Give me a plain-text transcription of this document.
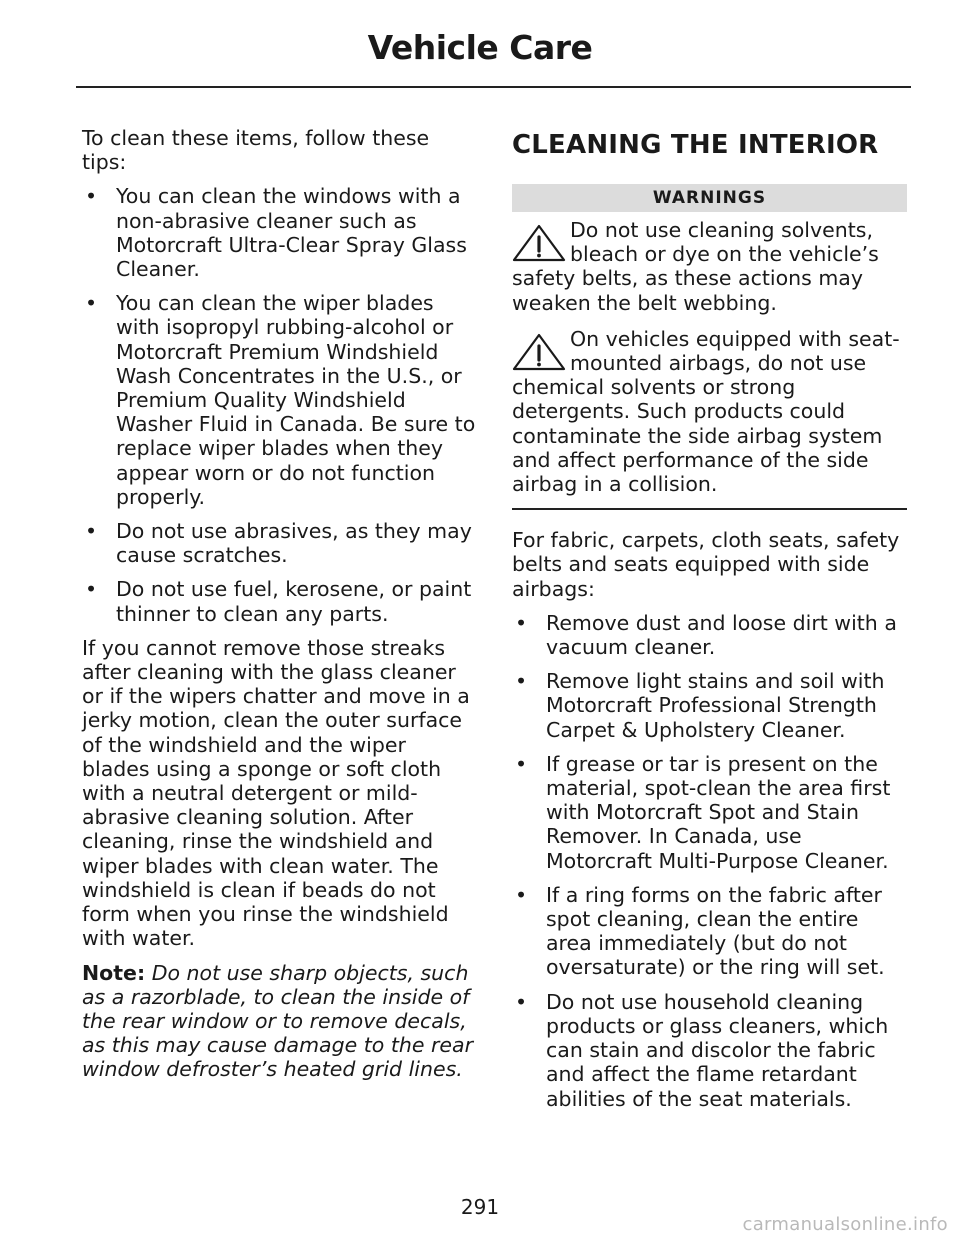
Vehicle Care

To clean these items, follow these tips:

• You can clean the windows with a non-abrasive cleaner such as Motorcraft Ultra-Clear Spray Glass Cleaner.
• You can clean the wiper blades with isopropyl rubbing-alcohol or Motorcraft Premium Windshield Wash Concentrates in the U.S., or Premium Quality Windshield Washer Fluid in Canada. Be sure to replace wiper blades when they appear worn or do not function properly.
• Do not use abrasives, as they may cause scratches.
• Do not use fuel, kerosene, or paint thinner to clean any parts.

If you cannot remove those streaks after cleaning with the glass cleaner or if the wipers chatter and move in a jerky motion, clean the outer surface of the windshield and the wiper blades using a sponge or soft cloth with a neutral detergent or mild-abrasive cleaning solution. After cleaning, rinse the windshield and wiper blades with clean water. The windshield is clean if beads do not form when you rinse the windshield with water.

Note: Do not use sharp objects, such as a razorblade, to clean the inside of the rear window or to remove decals, as this may cause damage to the rear window defroster’s heated grid lines.

CLEANING THE INTERIOR
WARNINGS
Do not use cleaning solvents, bleach or dye on the vehicle’s safety belts, as these actions may weaken the belt webbing.
On vehicles equipped with seat-mounted airbags, do not use chemical solvents or strong detergents. Such products could contaminate the side airbag system and affect performance of the side airbag in a collision.

For fabric, carpets, cloth seats, safety belts and seats equipped with side airbags:

• Remove dust and loose dirt with a vacuum cleaner.
• Remove light stains and soil with Motorcraft Professional Strength Carpet & Upholstery Cleaner.
• If grease or tar is present on the material, spot-clean the area first with Motorcraft Spot and Stain Remover. In Canada, use Motorcraft Multi-Purpose Cleaner.
• If a ring forms on the fabric after spot cleaning, clean the entire area immediately (but do not oversaturate) or the ring will set.
• Do not use household cleaning products or glass cleaners, which can stain and discolor the fabric and affect the flame retardant abilities of the seat materials.
291
carmanualsonline.info
